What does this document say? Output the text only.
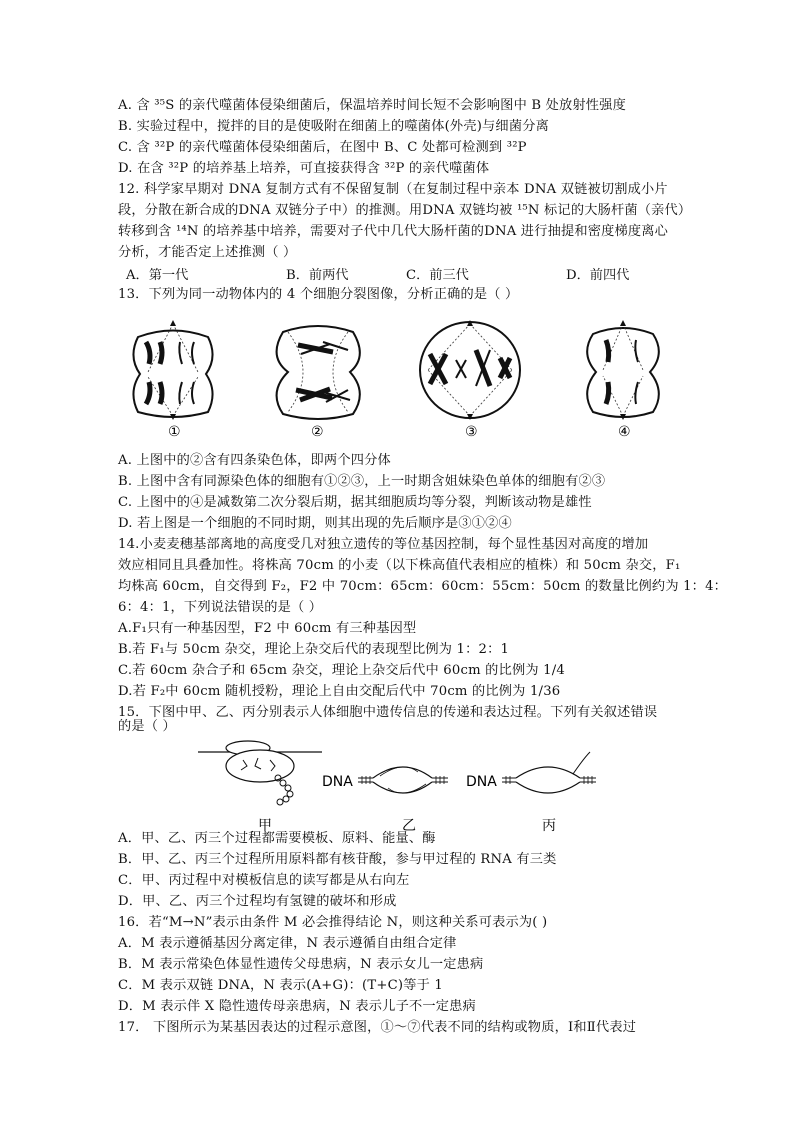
A. 含 ³⁵S 的亲代噬菌体侵染细菌后，保温培养时间长短不会影响图中 B 处放射性强度
B. 实验过程中，搅拌的目的是使吸附在细菌上的噬菌体(外壳)与细菌分离
C. 含 ³²P 的亲代噬菌体侵染细菌后，在图中 B、C 处都可检测到 ³²P
D. 在含 ³²P 的培养基上培养，可直接获得含 ³²P 的亲代噬菌体
12. 科学家早期对 DNA 复制方式有不保留复制（在复制过程中亲本 DNA 双链被切割成小片
段，分散在新合成的DNA 双链分子中）的推测。用DNA 双链均被 ¹⁵N 标记的大肠杆菌（亲代）
转移到含 ¹⁴N 的培养基中培养，需要对子代中几代大肠杆菌的DNA 进行抽提和密度梯度离心
分析，才能否定上述推测（ ）
A．第一代	B．前两代	C．前三代	D．前四代
13．下列为同一动物体内的 4 个细胞分裂图像，分析正确的是（ ）
①	②	③	④
A. 上图中的②含有四条染色体，即两个四分体
B. 上图中含有同源染色体的细胞有①②③，上一时期含姐妹染色单体的细胞有②③
C. 上图中的④是减数第二次分裂后期，据其细胞质均等分裂，判断该动物是雄性
D. 若上图是一个细胞的不同时期，则其出现的先后顺序是③①②④
14.小麦麦穗基部离地的高度受几对独立遗传的等位基因控制，每个显性基因对高度的增加
效应相同且具叠加性。将株高 70cm 的小麦（以下株高值代表相应的植株）和 50cm 杂交，F₁
均株高 60cm，自交得到 F₂，F2 中 70cm：65cm：60cm：55cm：50cm 的数量比例约为 1：4：
6：4：1，下列说法错误的是（ ）
A.F₁只有一种基因型，F2 中 60cm 有三种基因型
B.若 F₁与 50cm 杂交，理论上杂交后代的表现型比例为 1：2：1
C.若 60cm 杂合子和 65cm 杂交，理论上杂交后代中 60cm 的比例为 1/4
D.若 F₂中 60cm 随机授粉，理论上自由交配后代中 70cm 的比例为 1/36
15．下图中甲、乙、丙分别表示人体细胞中遗传信息的传递和表达过程。下列有关叙述错误
的是（ ）
甲
DNA
乙
DNA
丙
A．甲、乙、丙三个过程都需要模板、原料、能量、酶
B．甲、乙、丙三个过程所用原料都有核苷酸，参与甲过程的 RNA 有三类
C．甲、丙过程中对模板信息的读写都是从右向左
D．甲、乙、丙三个过程均有氢键的破坏和形成
16．若“M→N”表示由条件 M 必会推得结论 N，则这种关系可表示为( )
A．M 表示遵循基因分离定律，N 表示遵循自由组合定律
B．M 表示常染色体显性遗传父母患病，N 表示女儿一定患病
C．M 表示双链 DNA，N 表示(A+G)：(T+C)等于 1
D．M 表示伴 X 隐性遗传母亲患病，N 表示儿子不一定患病
17． 下图所示为某基因表达的过程示意图，①～⑦代表不同的结构或物质，Ⅰ和Ⅱ代表过
